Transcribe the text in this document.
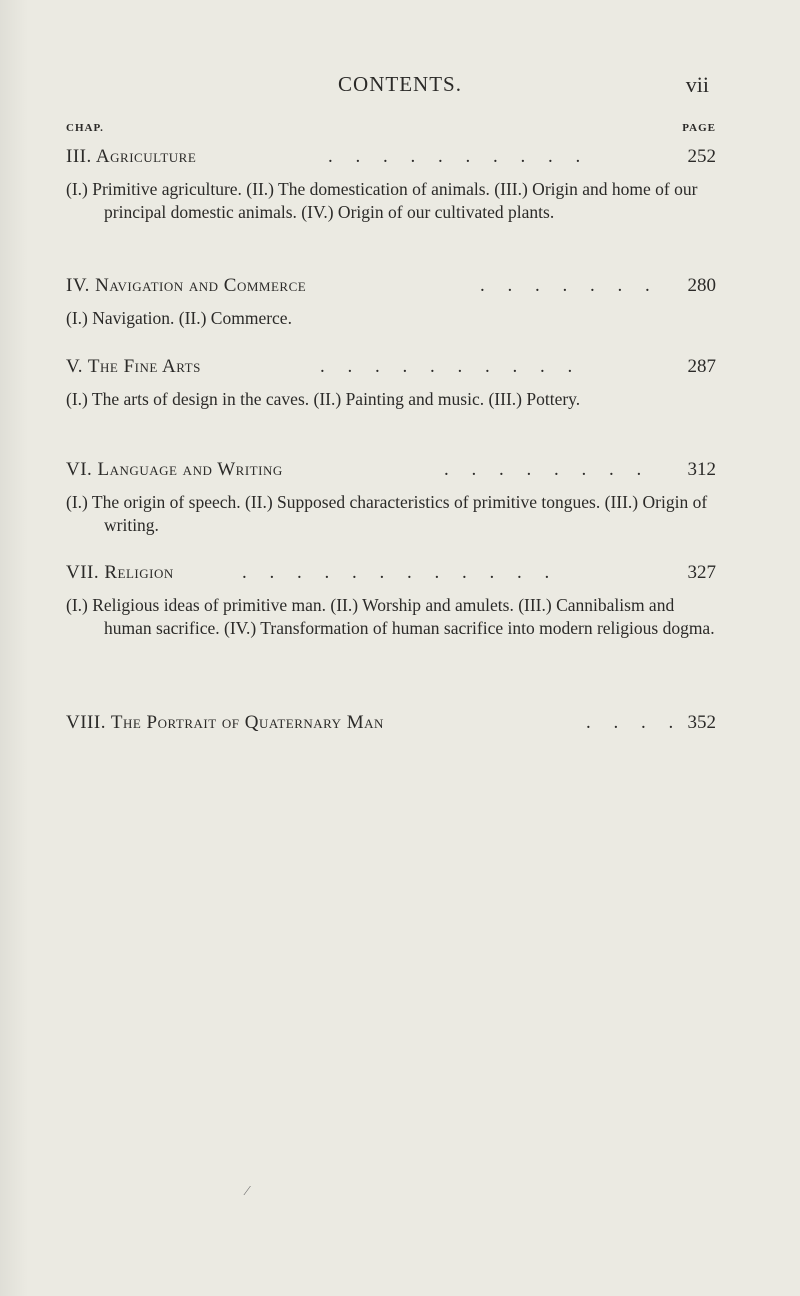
CONTENTS.	vii
CHAP.	PAGE
III. Agriculture	. . . . . . . . . .	252
(I.) Primitive agriculture. (II.) The domestication of animals. (III.) Origin and home of our principal domestic animals. (IV.) Origin of our cultivated plants.
IV. Navigation and Commerce	. . . . . . . 280
(I.) Navigation. (II.) Commerce.
V. The Fine Arts	. . . . . . . . . .	287
(I.) The arts of design in the caves. (II.) Painting and music. (III.) Pottery.
VI. Language and Writing	. . . . . . . . 312
(I.) The origin of speech. (II.) Supposed characteristics of primitive tongues. (III.) Origin of writing.
VII. Religion	. . . . . . . . . . . .	327
(I.) Religious ideas of primitive man. (II.) Worship and amulets. (III.) Cannibalism and human sacrifice. (IV.) Transformation of human sacrifice into modern religious dogma.
VIII. The Portrait of Quaternary Man	. . . . 352
⁄
